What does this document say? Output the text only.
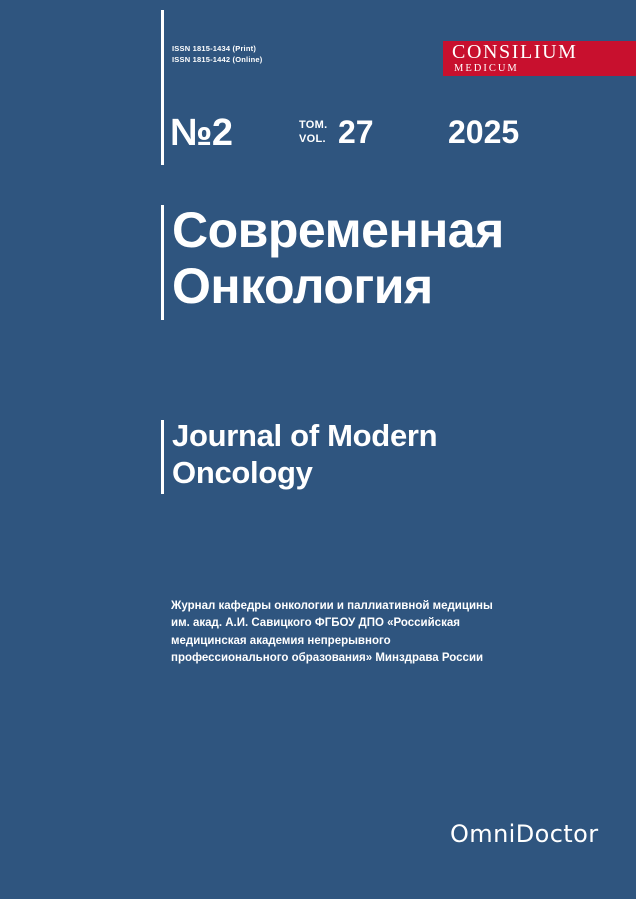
ISSN 1815-1434 (Print)
ISSN 1815-1442 (Online)	CONSILIUM
MEDICUM
№2	ТОМ.
VOL. 27 2025
Современная
Онкология
Journal of Modern
Oncology
Журнал кафедры онкологии и паллиативной медицины им. акад. А.И. Савицкого ФГБОУ ДПО «Российская медицинская академия непрерывного профессионального образования» Минздрава России
OmniDoctor
